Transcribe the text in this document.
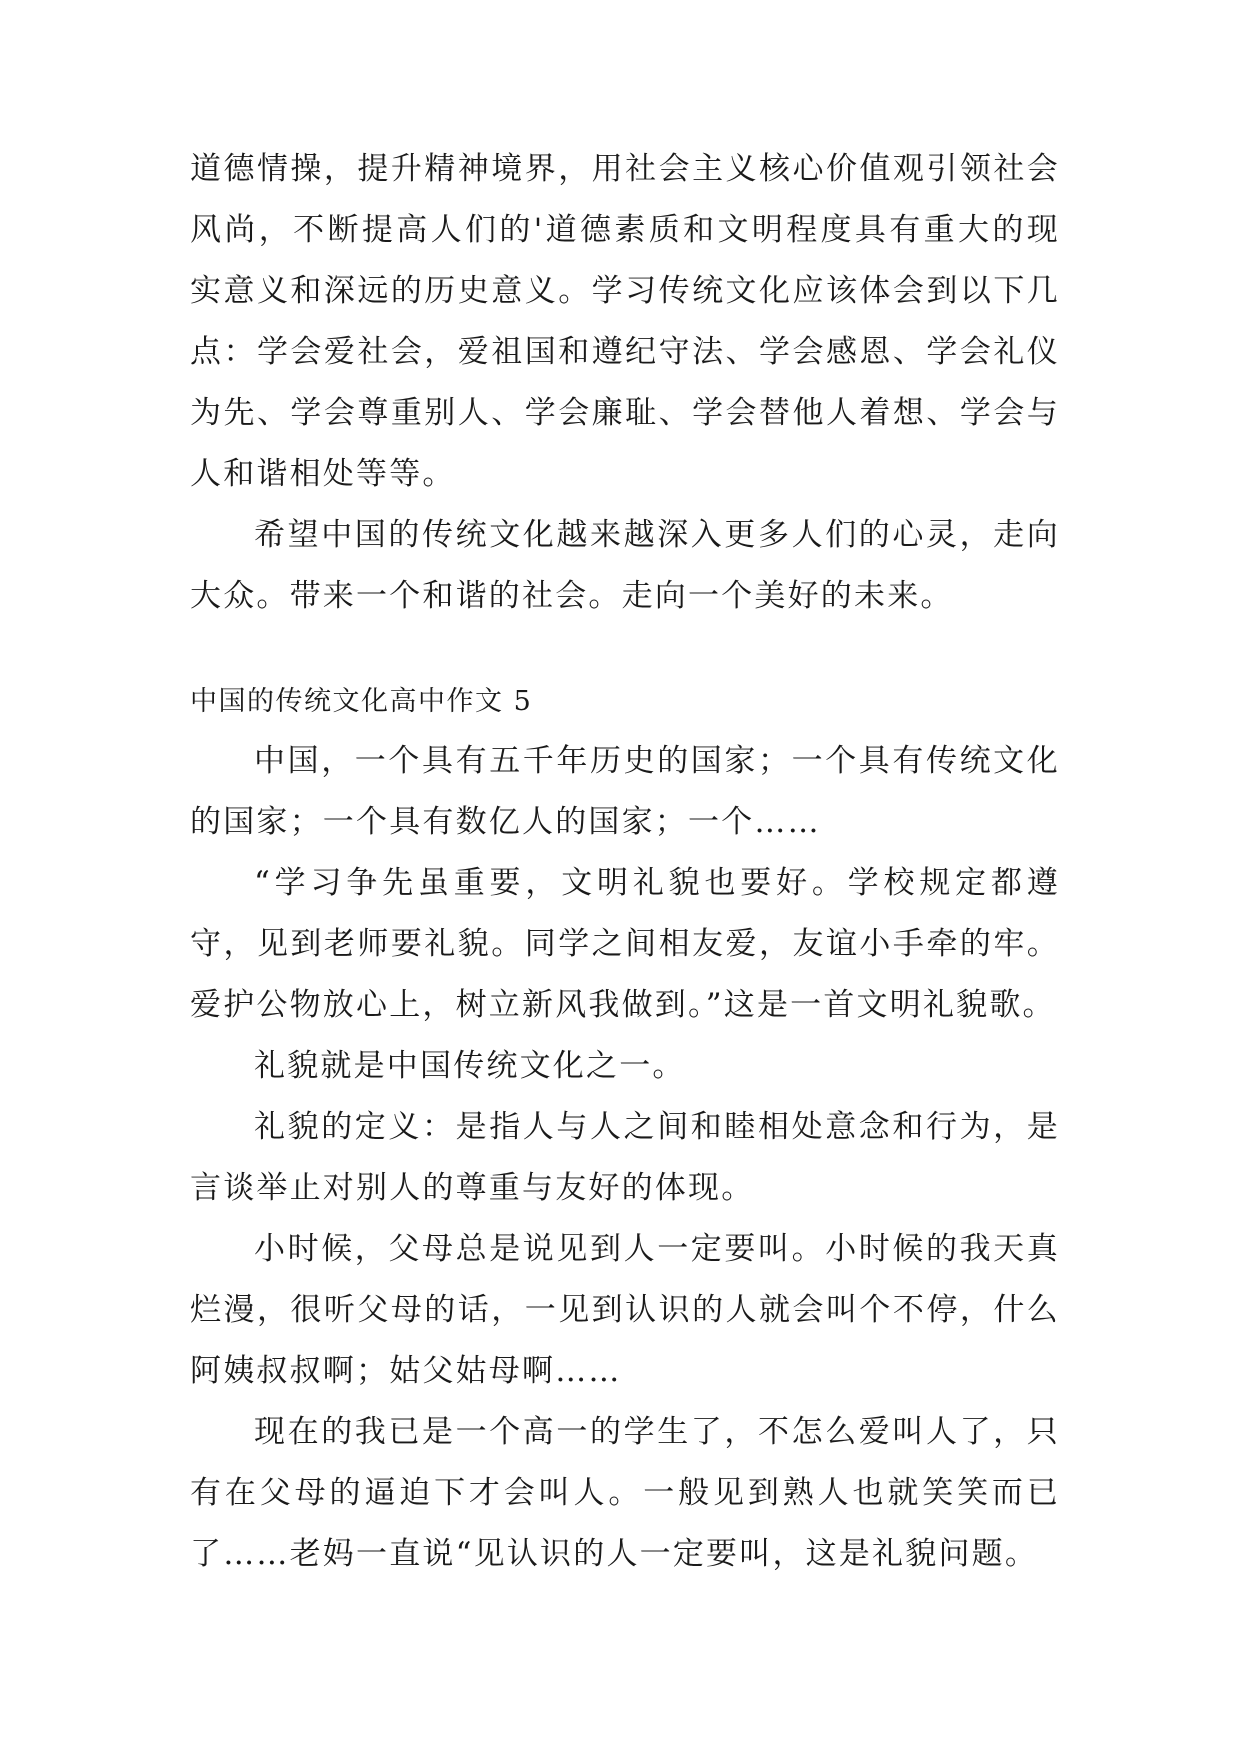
道德情操，提升精神境界，用社会主义核心价值观引领社会风尚，不断提高人们的'道德素质和文明程度具有重大的现实意义和深远的历史意义。学习传统文化应该体会到以下几点：学会爱社会，爱祖国和遵纪守法、学会感恩、学会礼仪为先、学会尊重别人、学会廉耻、学会替他人着想、学会与人和谐相处等等。

希望中国的传统文化越来越深入更多人们的心灵，走向大众。带来一个和谐的社会。走向一个美好的未来。

中国的传统文化高中作文 5

中国，一个具有五千年历史的国家；一个具有传统文化的国家；一个具有数亿人的国家；一个……

“学习争先虽重要，文明礼貌也要好。学校规定都遵守，见到老师要礼貌。同学之间相友爱，友谊小手牵的牢。爱护公物放心上，树立新风我做到。”这是一首文明礼貌歌。

礼貌就是中国传统文化之一。

礼貌的定义：是指人与人之间和睦相处意念和行为，是言谈举止对别人的尊重与友好的体现。

小时候，父母总是说见到人一定要叫。小时候的我天真烂漫，很听父母的话，一见到认识的人就会叫个不停，什么阿姨叔叔啊；姑父姑母啊……

现在的我已是一个高一的学生了，不怎么爱叫人了，只有在父母的逼迫下才会叫人。一般见到熟人也就笑笑而已了……老妈一直说“见认识的人一定要叫，这是礼貌问题。
